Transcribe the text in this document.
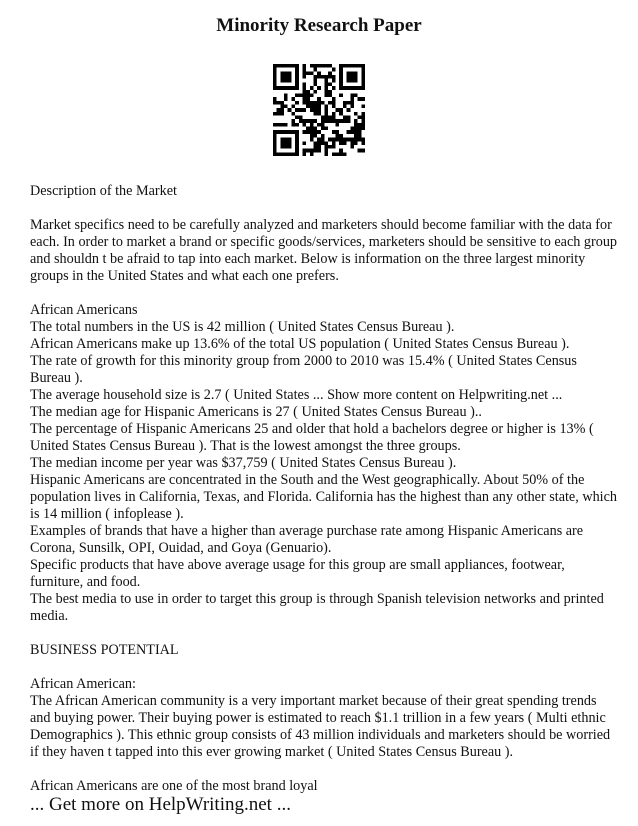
Minority Research Paper

Description of the Market

Market specifics need to be carefully analyzed and marketers should become familiar with the data for each. In order to market a brand or specific goods/services, marketers should be sensitive to each group and shouldn t be afraid to tap into each market. Below is information on the three largest minority groups in the United States and what each one prefers.

African Americans

The total numbers in the US is 42 million ( United States Census Bureau ).

African Americans make up 13.6% of the total US population ( United States Census Bureau ).

The rate of growth for this minority group from 2000 to 2010 was 15.4% ( United States Census Bureau ).

The average household size is 2.7 ( United States ... Show more content on Helpwriting.net ...

The median age for Hispanic Americans is 27 ( United States Census Bureau )..

The percentage of Hispanic Americans 25 and older that hold a bachelors degree or higher is 13% ( United States Census Bureau ). That is the lowest amongst the three groups.

The median income per year was $37,759 ( United States Census Bureau ).

Hispanic Americans are concentrated in the South and the West geographically. About 50% of the population lives in California, Texas, and Florida. California has the highest than any other state, which is 14 million ( infoplease ).

Examples of brands that have a higher than average purchase rate among Hispanic Americans are Corona, Sunsilk, OPI, Ouidad, and Goya (Genuario).

Specific products that have above average usage for this group are small appliances, footwear, furniture, and food.

The best media to use in order to target this group is through Spanish television networks and printed media.

BUSINESS POTENTIAL

African American:

The African American community is a very important market because of their great spending trends and buying power. Their buying power is estimated to reach $1.1 trillion in a few years ( Multi ethnic Demographics ). This ethnic group consists of 43 million individuals and marketers should be worried if they haven t tapped into this ever growing market ( United States Census Bureau ).

African Americans are one of the most brand loyal

... Get more on HelpWriting.net ...
